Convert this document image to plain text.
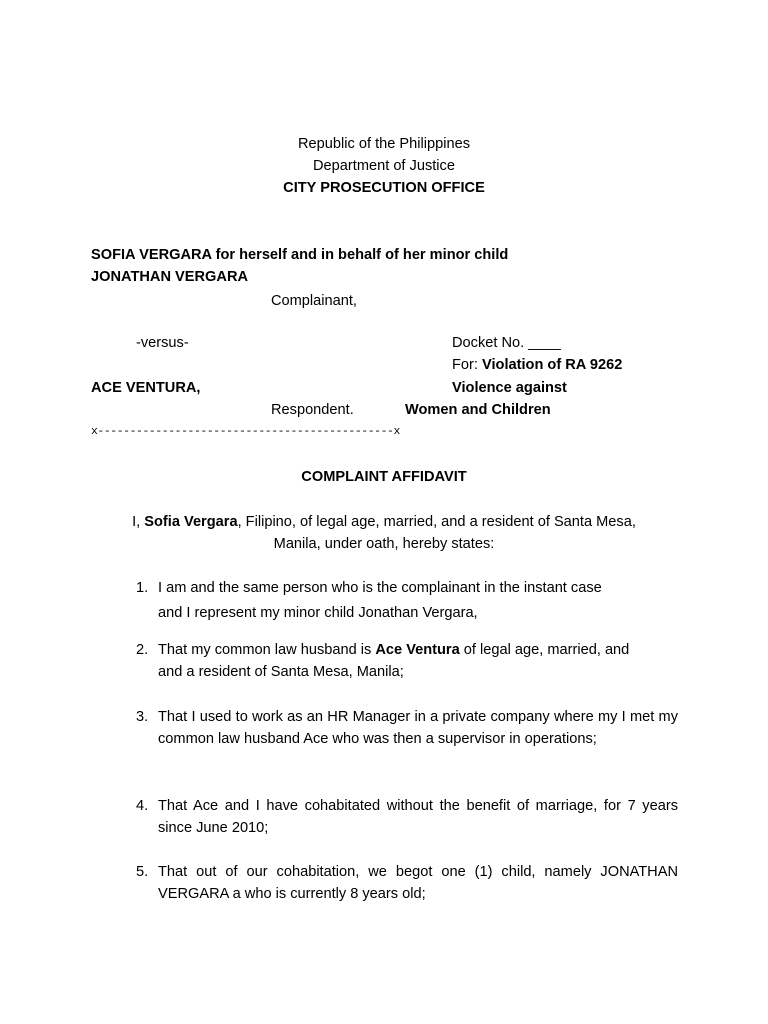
Republic of the Philippines
Department of Justice
CITY PROSECUTION OFFICE
SOFIA VERGARA for herself and in behalf of her minor child
JONATHAN VERGARA
Complainant,
-versus-	Docket No. ____
For: Violation of RA 9262
Violence against
Women and Children
ACE VENTURA,
Respondent.
x----------------------------------------------x
COMPLAINT AFFIDAVIT
I, Sofia Vergara, Filipino, of legal age, married, and a resident of Santa Mesa,
Manila, under oath, hereby states:
1. I am and the same person who is the complainant in the instant case
and I represent my minor child Jonathan Vergara,
2. That my common law husband is Ace Ventura of legal age, married, and
and a resident of Santa Mesa, Manila;
3. That I used to work as an HR Manager in a private company where my I met my common law husband Ace who was then a supervisor in operations;
4. That Ace and I have cohabitated without the benefit of marriage, for 7 years since June 2010;
5. That out of our cohabitation, we begot one (1) child, namely JONATHAN VERGARA a who is currently 8 years old;
